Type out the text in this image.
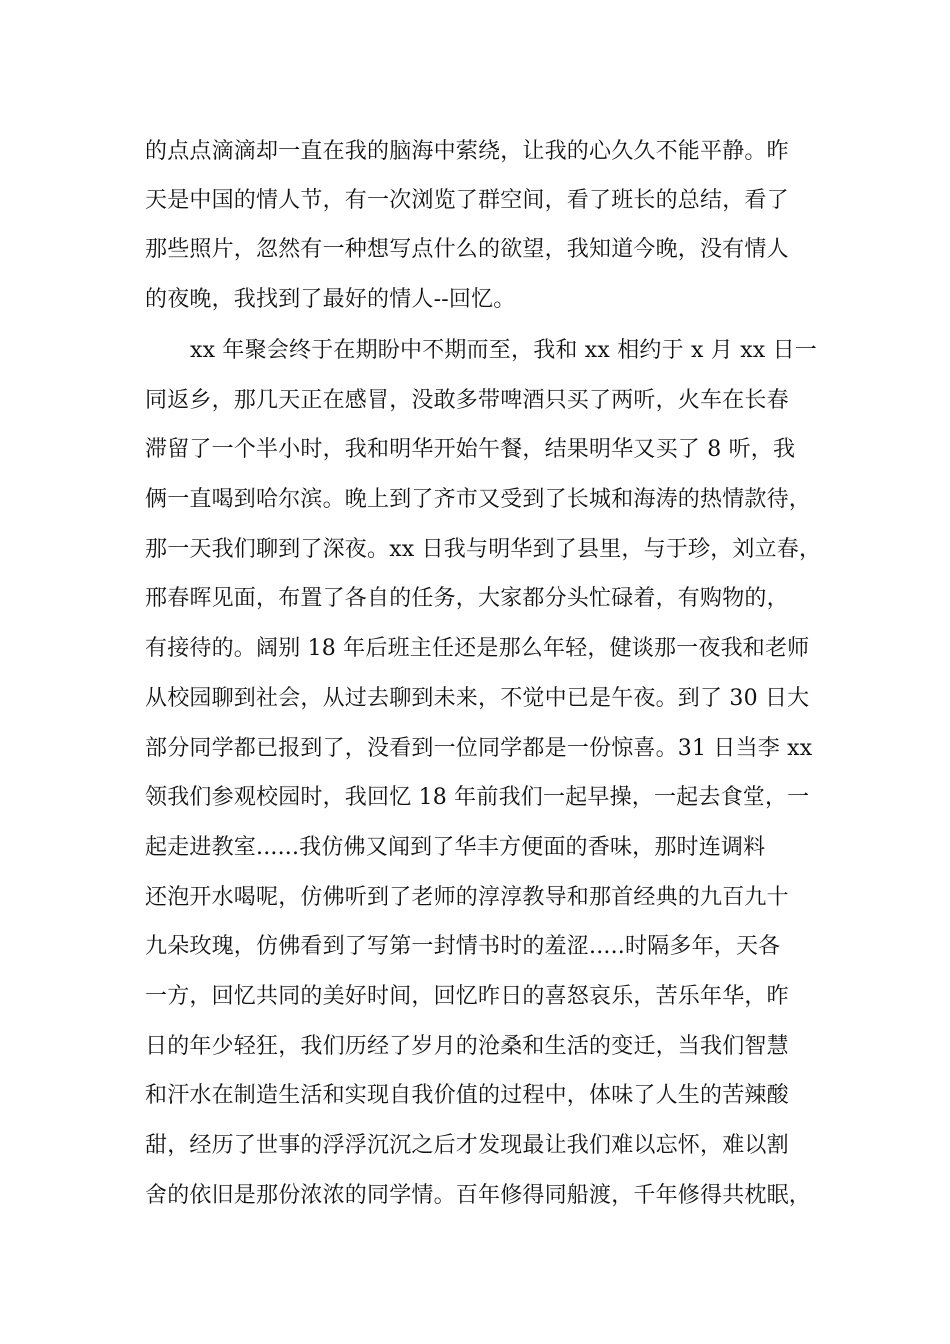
的点点滴滴却一直在我的脑海中萦绕，让我的心久久不能平静。昨
天是中国的情人节，有一次浏览了群空间，看了班长的总结，看了
那些照片，忽然有一种想写点什么的欲望，我知道今晚，没有情人
的夜晚，我找到了最好的情人--回忆。
xx 年聚会终于在期盼中不期而至，我和 xx 相约于 x 月 xx 日一
同返乡，那几天正在感冒，没敢多带啤酒只买了两听，火车在长春
滞留了一个半小时，我和明华开始午餐，结果明华又买了 8 听，我
俩一直喝到哈尔滨。晚上到了齐市又受到了长城和海涛的热情款待，
那一天我们聊到了深夜。xx 日我与明华到了县里，与于珍，刘立春，
邢春晖见面，布置了各自的任务，大家都分头忙碌着，有购物的，
有接待的。阔别 18 年后班主任还是那么年轻，健谈那一夜我和老师
从校园聊到社会，从过去聊到未来，不觉中已是午夜。到了 30 日大
部分同学都已报到了，没看到一位同学都是一份惊喜。31 日当李 xx
领我们参观校园时，我回忆 18 年前我们一起早操，一起去食堂，一
起走进教室......我仿佛又闻到了华丰方便面的香味，那时连调料
还泡开水喝呢，仿佛听到了老师的淳淳教导和那首经典的九百九十
九朵玫瑰，仿佛看到了写第一封情书时的羞涩.....时隔多年，天各
一方，回忆共同的美好时间，回忆昨日的喜怒哀乐，苦乐年华，昨
日的年少轻狂，我们历经了岁月的沧桑和生活的变迁，当我们智慧
和汗水在制造生活和实现自我价值的过程中，体味了人生的苦辣酸
甜，经历了世事的浮浮沉沉之后才发现最让我们难以忘怀，难以割
舍的依旧是那份浓浓的同学情。百年修得同船渡，千年修得共枕眠，
